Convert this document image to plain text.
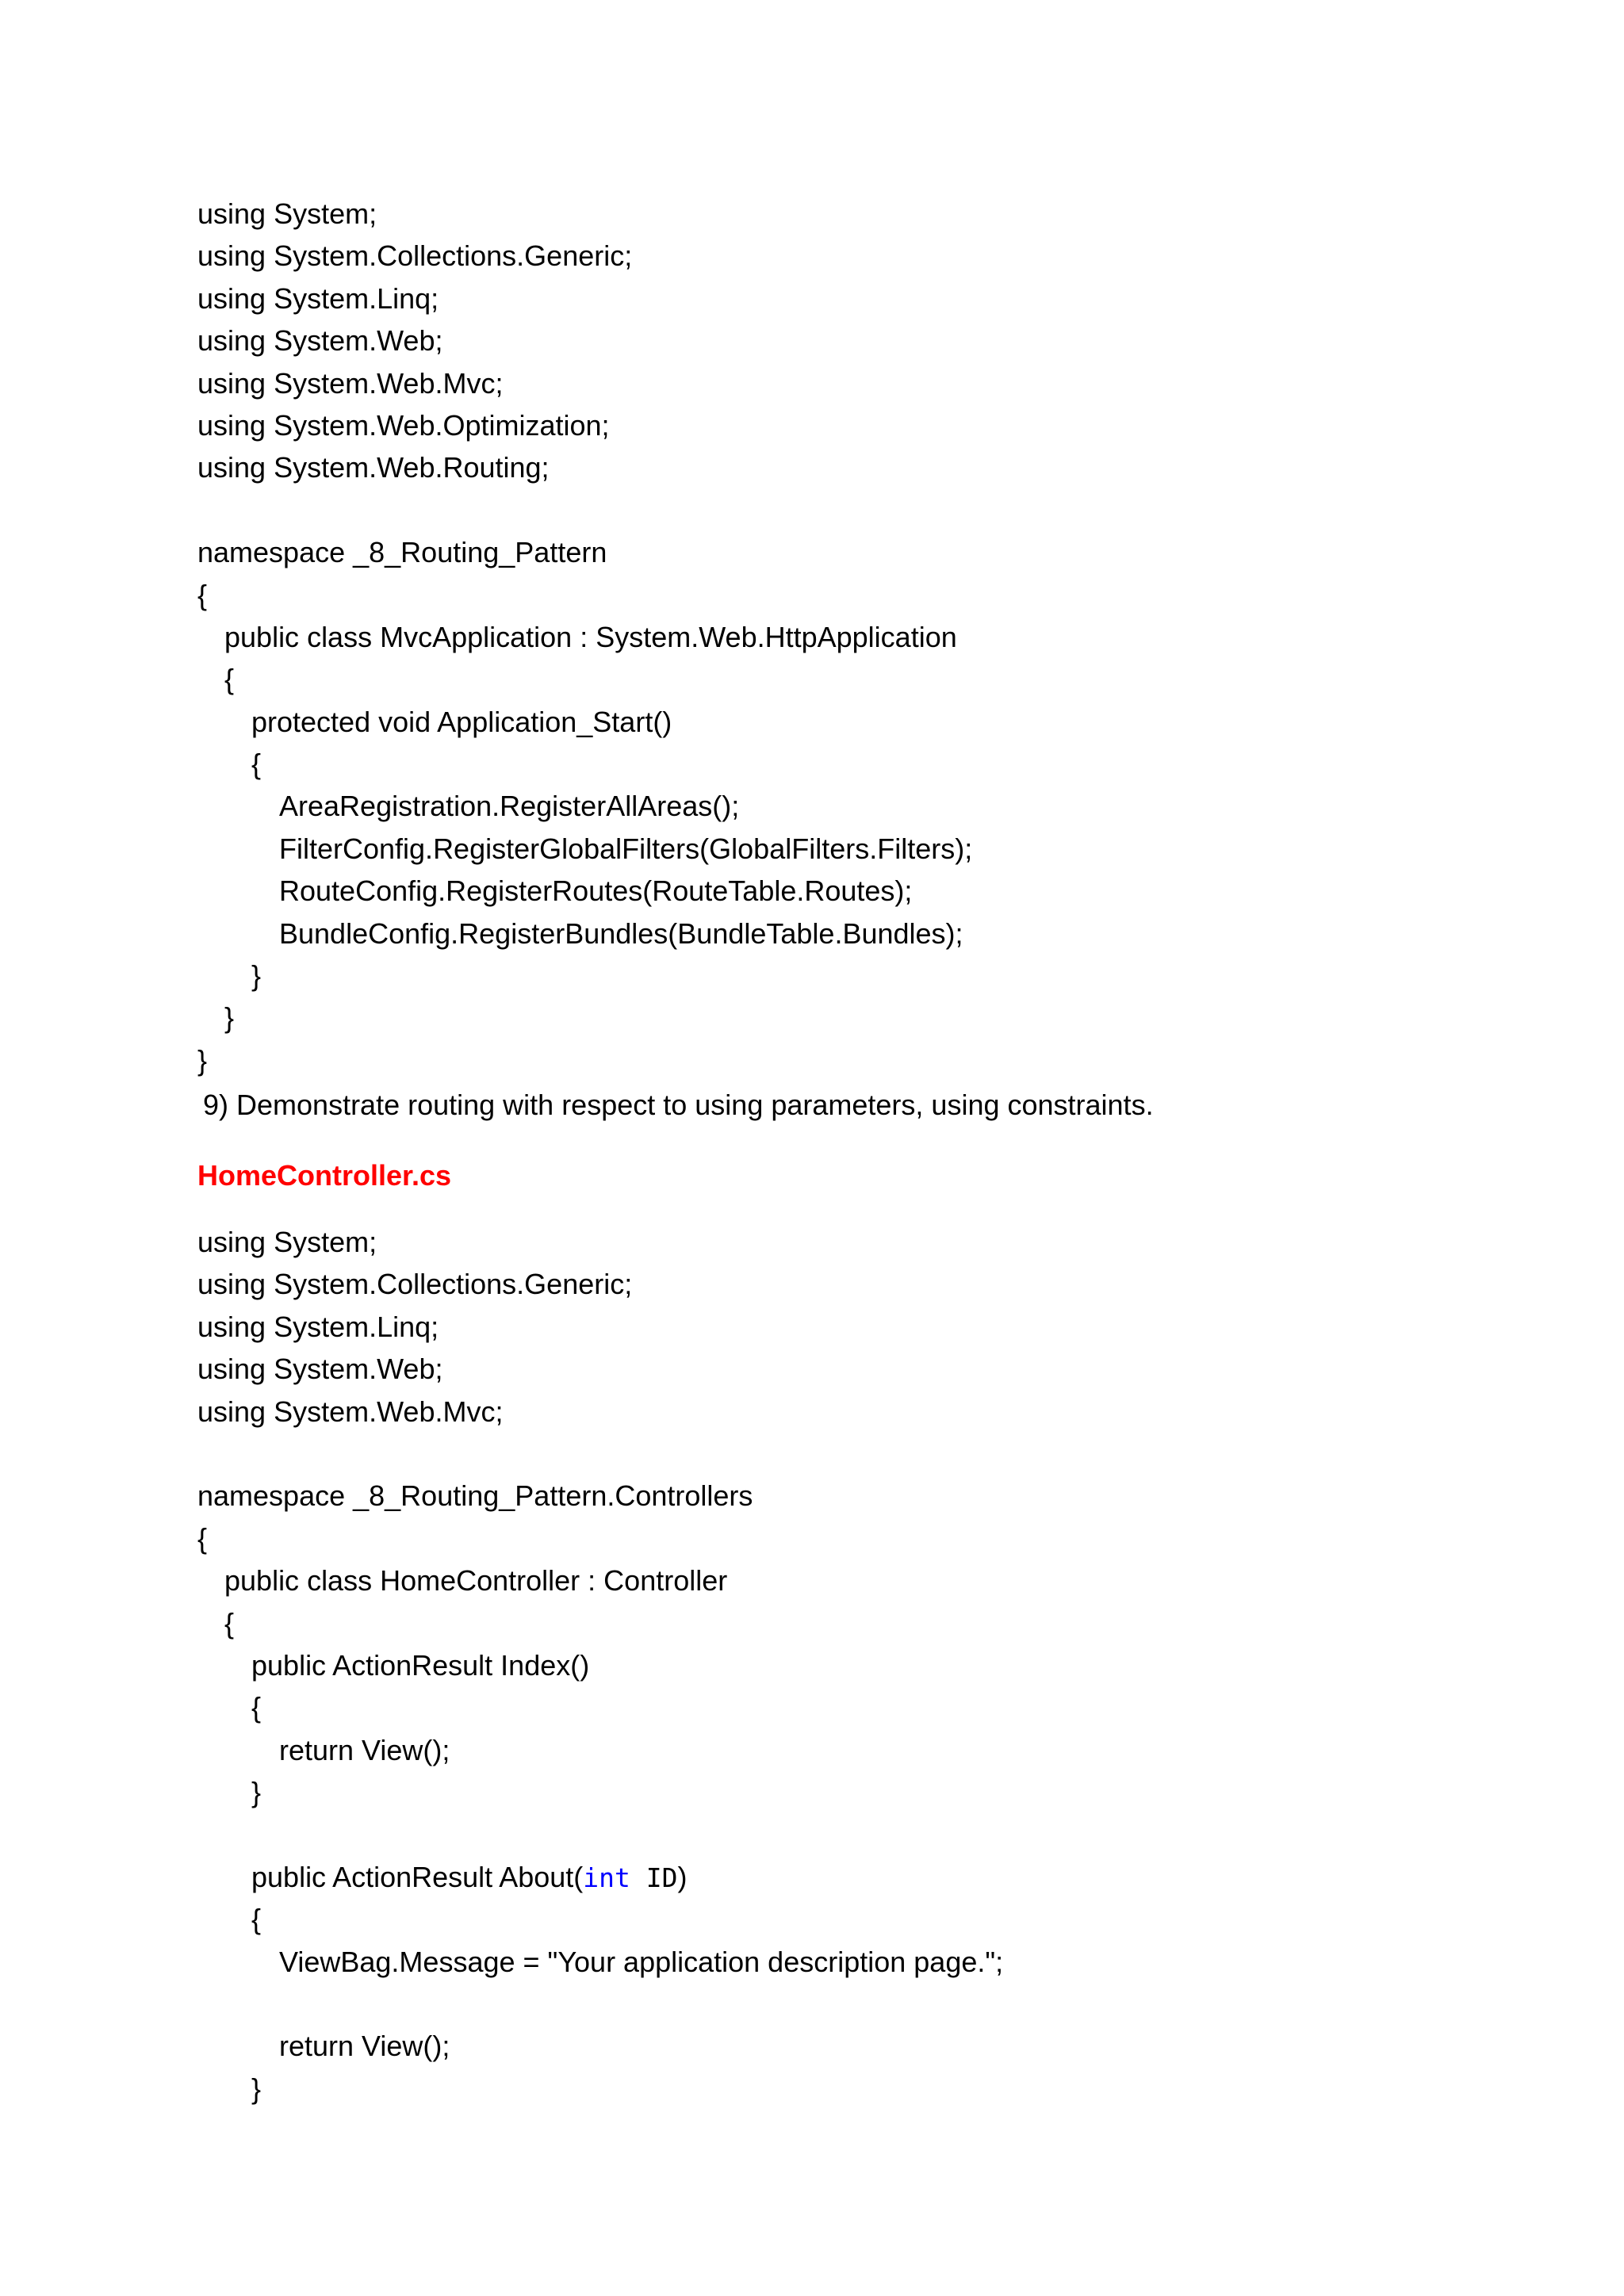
using System;
using System.Collections.Generic;
using System.Linq;
using System.Web;
using System.Web.Mvc;
using System.Web.Optimization;
using System.Web.Routing;
namespace _8_Routing_Pattern
{
public class MvcApplication : System.Web.HttpApplication
{
protected void Application_Start()
{
AreaRegistration.RegisterAllAreas();
FilterConfig.RegisterGlobalFilters(GlobalFilters.Filters);
RouteConfig.RegisterRoutes(RouteTable.Routes);
BundleConfig.RegisterBundles(BundleTable.Bundles);
}
}
}
9) Demonstrate routing with respect to using parameters, using constraints.
HomeController.cs
using System;
using System.Collections.Generic;
using System.Linq;
using System.Web;
using System.Web.Mvc;
namespace _8_Routing_Pattern.Controllers
{
public class HomeController : Controller
{
public ActionResult Index()
{
return View();
}
public ActionResult About(int ID)
{
ViewBag.Message = "Your application description page.";
return View();
}
